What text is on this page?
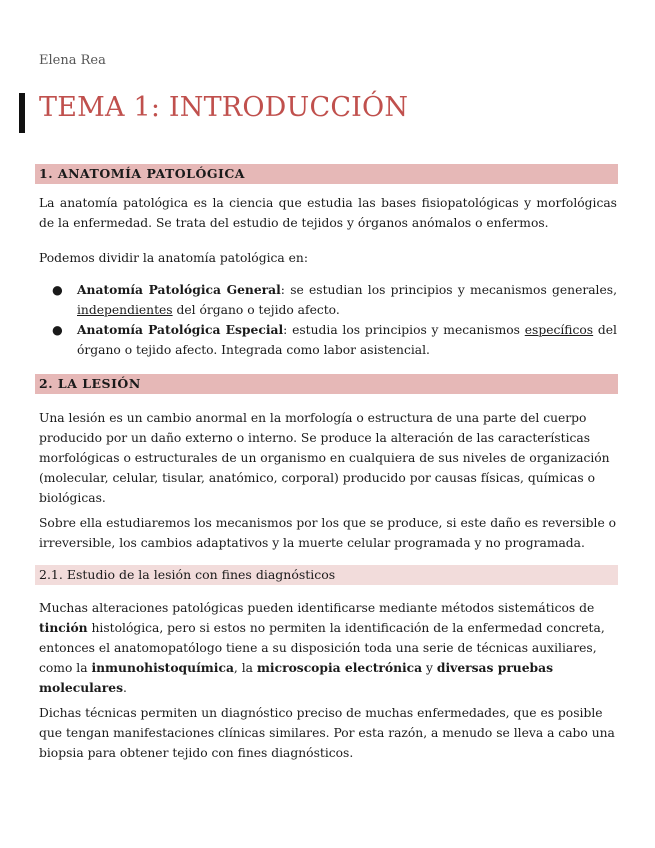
Elena Rea
TEMA 1: INTRODUCCIÓN
1. ANATOMÍA PATOLÓGICA
La anatomía patológica es la ciencia que estudia las bases fisiopatológicas y morfológicas de la enfermedad. Se trata del estudio de tejidos y órganos anómalos o enfermos.
Podemos dividir la anatomía patológica en:
●	Anatomía Patológica General: se estudian los principios y mecanismos generales, independientes del órgano o tejido afecto.
●	Anatomía Patológica Especial: estudia los principios y mecanismos específicos del órgano o tejido afecto. Integrada como labor asistencial.
2. LA LESIÓN
Una lesión es un cambio anormal en la morfología o estructura de una parte del cuerpo producido por un daño externo o interno. Se produce la alteración de las características morfológicas o estructurales de un organismo en cualquiera de sus niveles de organización (molecular, celular, tisular, anatómico, corporal) producido por causas físicas, químicas o biológicas.
Sobre ella estudiaremos los mecanismos por los que se produce, si este daño es reversible o irreversible, los cambios adaptativos y la muerte celular programada y no programada.
2.1. Estudio de la lesión con fines diagnósticos
Muchas alteraciones patológicas pueden identificarse mediante métodos sistemáticos de tinción histológica, pero si estos no permiten la identificación de la enfermedad concreta, entonces el anatomopatólogo tiene a su disposición toda una serie de técnicas auxiliares, como la inmunohistoquímica, la microscopia electrónica y diversas pruebas moleculares.
Dichas técnicas permiten un diagnóstico preciso de muchas enfermedades, que es posible que tengan manifestaciones clínicas similares. Por esta razón, a menudo se lleva a cabo una biopsia para obtener tejido con fines diagnósticos.
